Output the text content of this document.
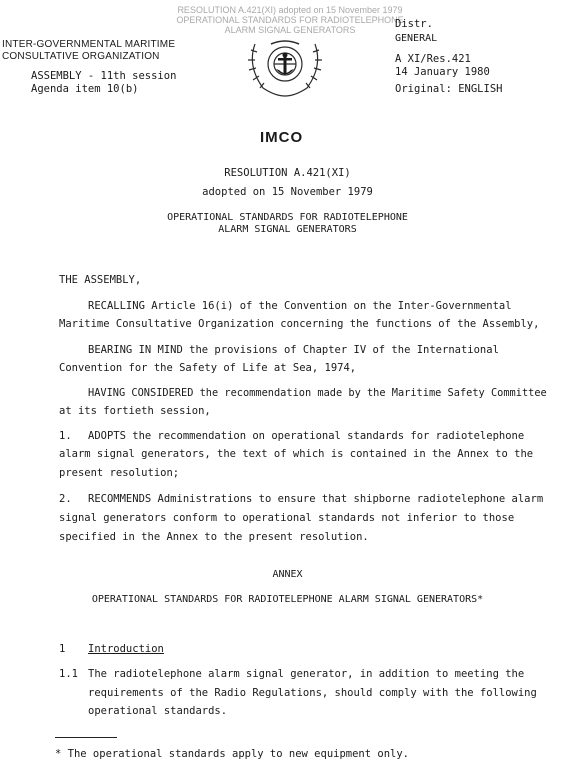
RESOLUTION A.421(XI) adopted on 15 November 1979
OPERATIONAL STANDARDS FOR RADIOTELEPHONE
ALARM SIGNAL GENERATORS
INTER-GOVERNMENTAL MARITIME
CONSULTATIVE ORGANIZATION
ASSEMBLY - 11th session
Agenda item 10(b)
Distr.
GENERAL
A XI/Res.421
14 January 1980
Original: ENGLISH
IMCO
RESOLUTION A.421(XI)
adopted on 15 November 1979
OPERATIONAL STANDARDS FOR RADIOTELEPHONE
ALARM SIGNAL GENERATORS
THE ASSEMBLY,
RECALLING Article 16(i) of the Convention on the Inter-Governmental
Maritime Consultative Organization concerning the functions of the Assembly,
BEARING IN MIND the provisions of Chapter IV of the International
Convention for the Safety of Life at Sea, 1974,
HAVING CONSIDERED the recommendation made by the Maritime Safety Committee
at its fortieth session,
1. ADOPTS the recommendation on operational standards for radiotelephone
alarm signal generators, the text of which is contained in the Annex to the
present resolution;
2. RECOMMENDS Administrations to ensure that shipborne radiotelephone alarm
signal generators conform to operational standards not inferior to those
specified in the Annex to the present resolution.
ANNEX
OPERATIONAL STANDARDS FOR RADIOTELEPHONE ALARM SIGNAL GENERATORS*
1 Introduction
1.1 The radiotelephone alarm signal generator, in addition to meeting the
requirements of the Radio Regulations, should comply with the following
operational standards.
* The operational standards apply to new equipment only.
